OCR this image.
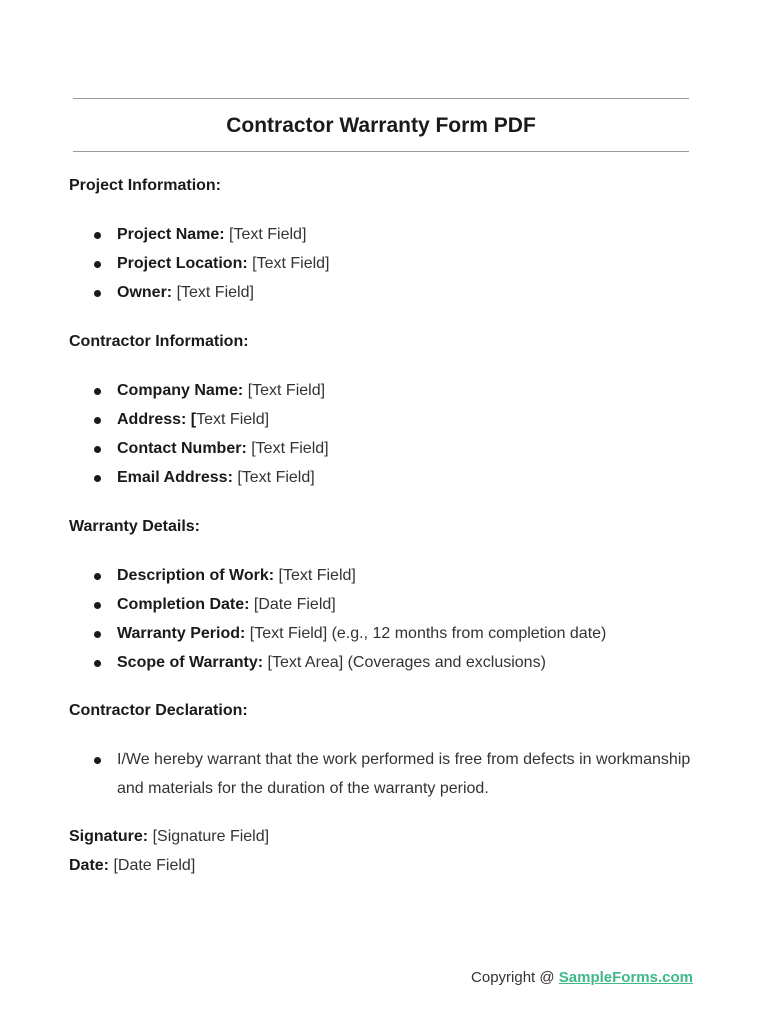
Contractor Warranty Form PDF
Project Information:
Project Name: [Text Field]
Project Location: [Text Field]
Owner: [Text Field]
Contractor Information:
Company Name: [Text Field]
Address: [Text Field]
Contact Number: [Text Field]
Email Address: [Text Field]
Warranty Details:
Description of Work: [Text Field]
Completion Date: [Date Field]
Warranty Period: [Text Field] (e.g., 12 months from completion date)
Scope of Warranty: [Text Area] (Coverages and exclusions)
Contractor Declaration:
I/We hereby warrant that the work performed is free from defects in workmanship and materials for the duration of the warranty period.

Signature: [Signature Field]

Date: [Date Field]

Copyright @ SampleForms.com
